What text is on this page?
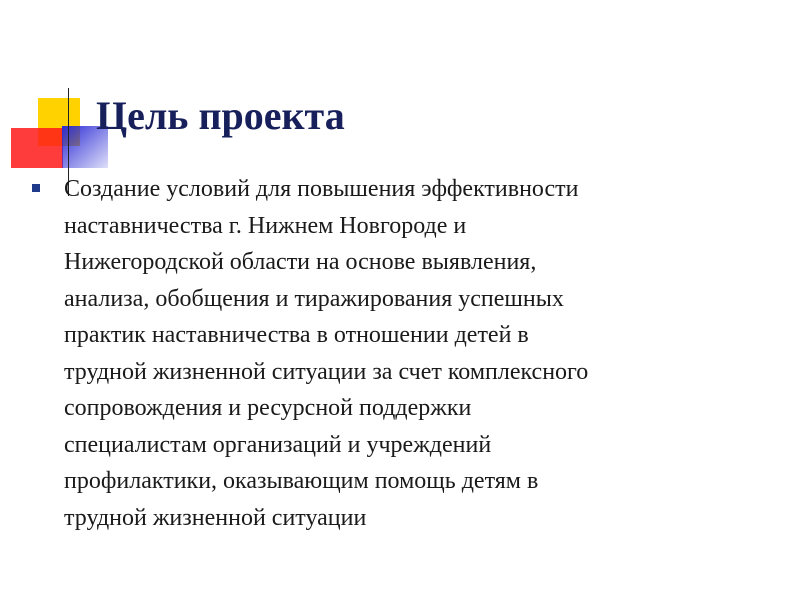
Цель проекта
Создание условий для повышения эффективности
наставничества г. Нижнем Новгороде и
Нижегородской области на основе выявления,
анализа, обобщения и тиражирования успешных
практик наставничества в отношении детей в
трудной жизненной ситуации за счет комплексного
сопровождения и ресурсной поддержки
специалистам организаций и учреждений
профилактики, оказывающим помощь детям в
трудной жизненной ситуации
